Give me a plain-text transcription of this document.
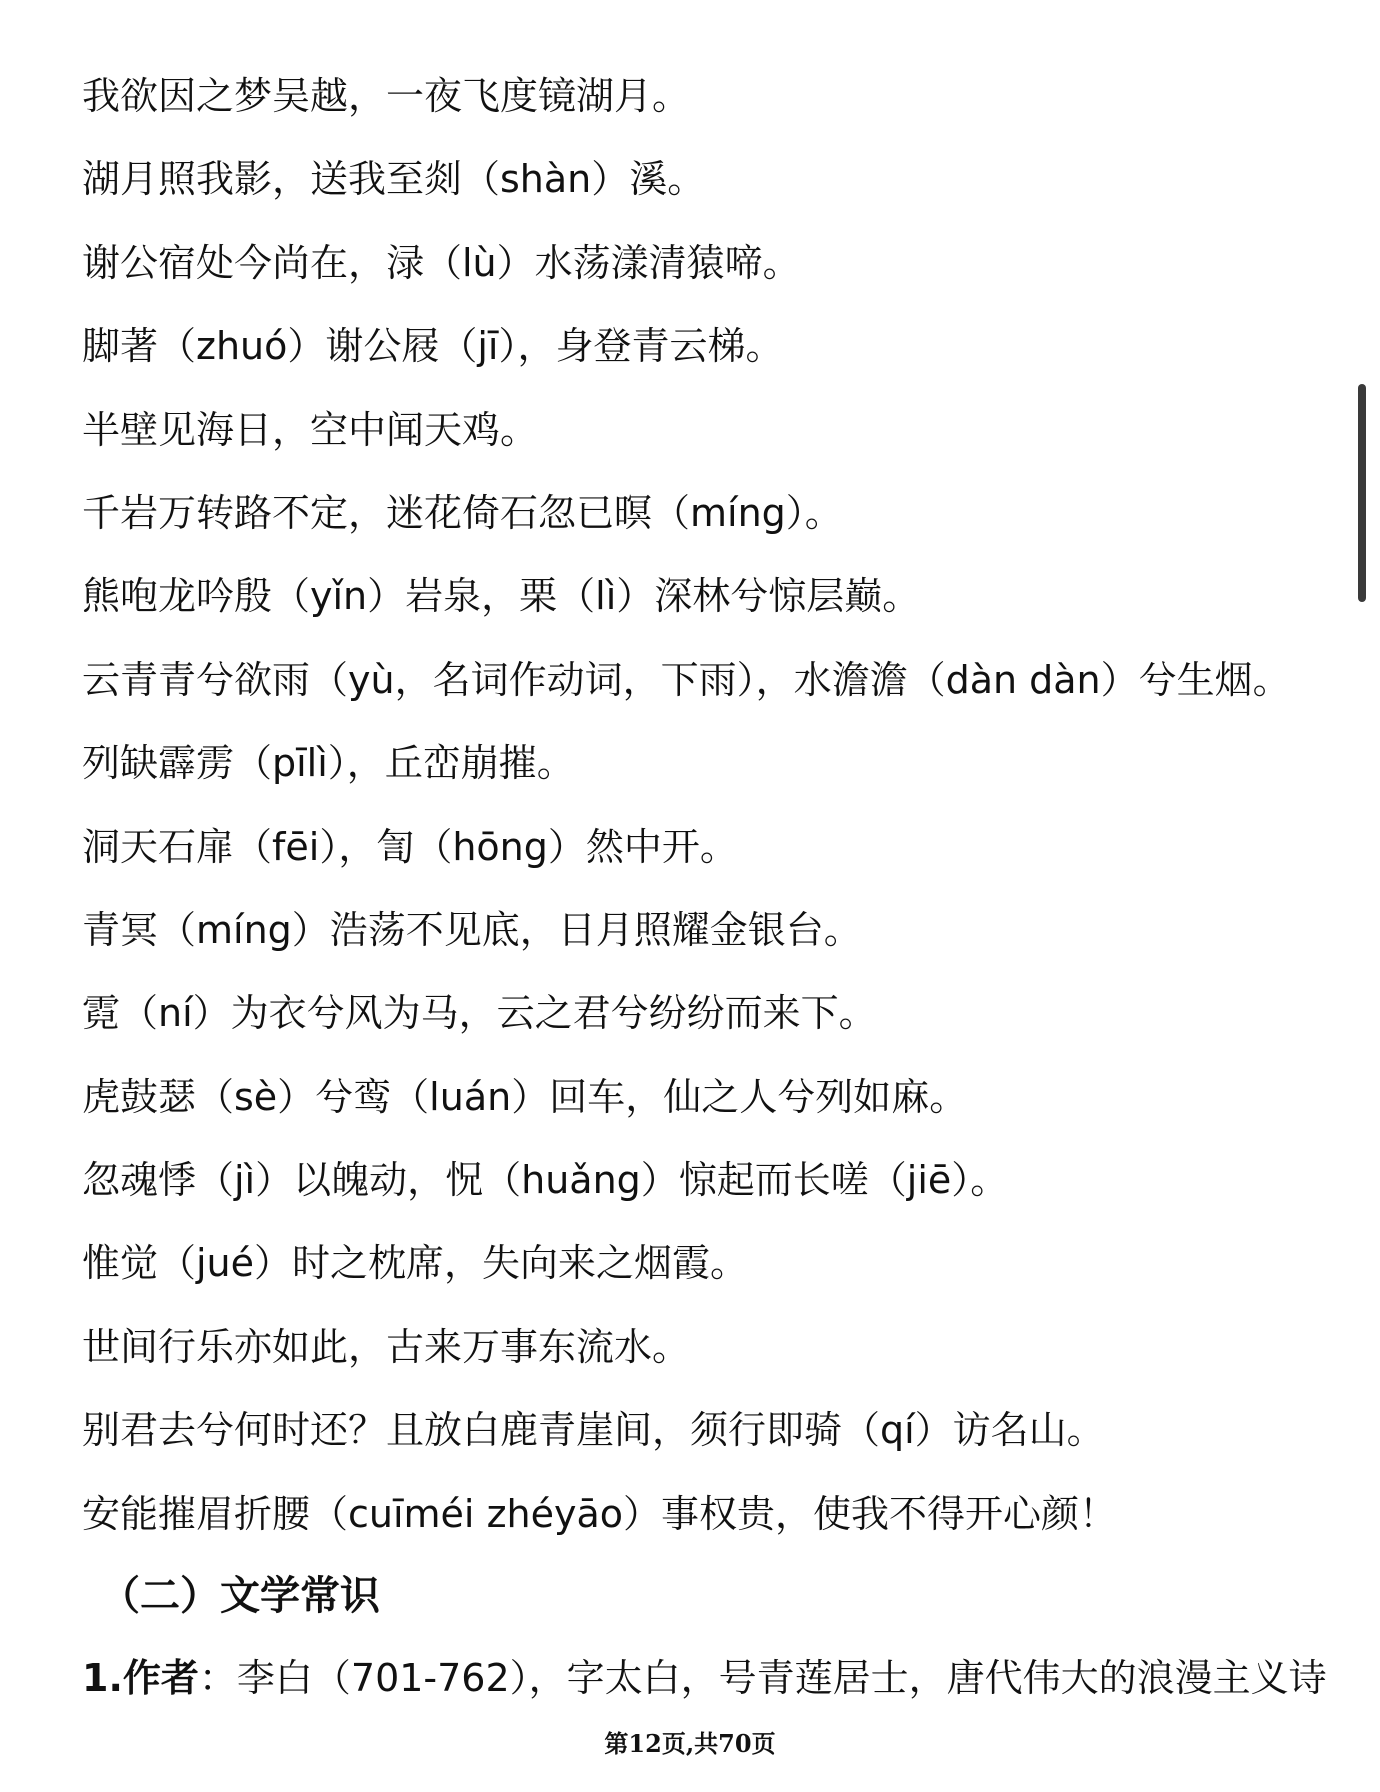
我欲因之梦吴越，一夜飞度镜湖月。
湖月照我影，送我至剡（shàn）溪。
谢公宿处今尚在，渌（lù）水荡漾清猿啼。
脚著（zhuó）谢公屐（jī），身登青云梯。
半壁见海日，空中闻天鸡。
千岩万转路不定，迷花倚石忽已暝（míng）。
熊咆龙吟殷（yǐn）岩泉，栗（lì）深林兮惊层巅。
云青青兮欲雨（yù，名词作动词，下雨），水澹澹（dàn dàn）兮生烟。
列缺霹雳（pīlì），丘峦崩摧。
洞天石扉（fēi），訇（hōng）然中开。
青冥（míng）浩荡不见底，日月照耀金银台。
霓（ní）为衣兮风为马，云之君兮纷纷而来下。
虎鼓瑟（sè）兮鸾（luán）回车，仙之人兮列如麻。
忽魂悸（jì）以魄动，怳（huǎng）惊起而长嗟（jiē）。
惟觉（jué）时之枕席，失向来之烟霞。
世间行乐亦如此，古来万事东流水。
别君去兮何时还？且放白鹿青崖间，须行即骑（qí）访名山。
安能摧眉折腰（cuīméi zhéyāo）事权贵，使我不得开心颜！
（二）文学常识
1.作者：李白（701-762），字太白，号青莲居士，唐代伟大的浪漫主义诗
第12页,共70页
